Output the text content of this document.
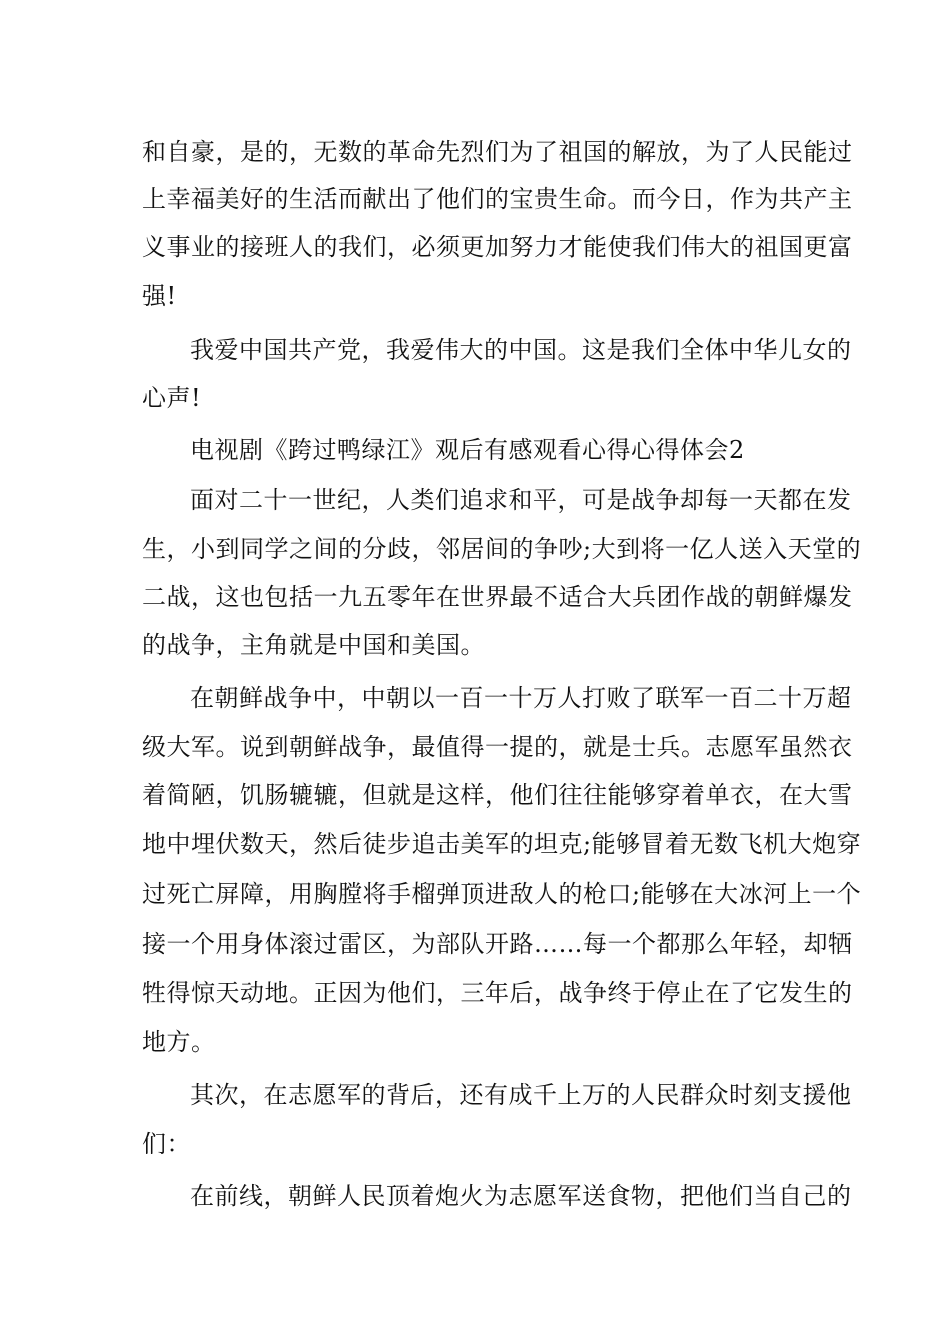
和自豪，是的，无数的革命先烈们为了祖国的解放，为了人民能过
上幸福美好的生活而献出了他们的宝贵生命。而今日，作为共产主
义事业的接班人的我们，必须更加努力才能使我们伟大的祖国更富
强!
我爱中国共产党，我爱伟大的中国。这是我们全体中华儿女的
心声!
电视剧《跨过鸭绿江》观后有感观看心得心得体会2
面对二十一世纪，人类们追求和平，可是战争却每一天都在发
生，小到同学之间的分歧，邻居间的争吵;大到将一亿人送入天堂的
二战，这也包括一九五零年在世界最不适合大兵团作战的朝鲜爆发
的战争，主角就是中国和美国。
在朝鲜战争中，中朝以一百一十万人打败了联军一百二十万超
级大军。说到朝鲜战争，最值得一提的，就是士兵。志愿军虽然衣
着简陋，饥肠辘辘，但就是这样，他们往往能够穿着单衣，在大雪
地中埋伏数天，然后徒步追击美军的坦克;能够冒着无数飞机大炮穿
过死亡屏障，用胸膛将手榴弹顶进敌人的枪口;能够在大冰河上一个
接一个用身体滚过雷区，为部队开路……每一个都那么年轻，却牺
牲得惊天动地。正因为他们，三年后，战争终于停止在了它发生的
地方。
其次，在志愿军的背后，还有成千上万的人民群众时刻支援他
们：
在前线，朝鲜人民顶着炮火为志愿军送食物，把他们当自己的
